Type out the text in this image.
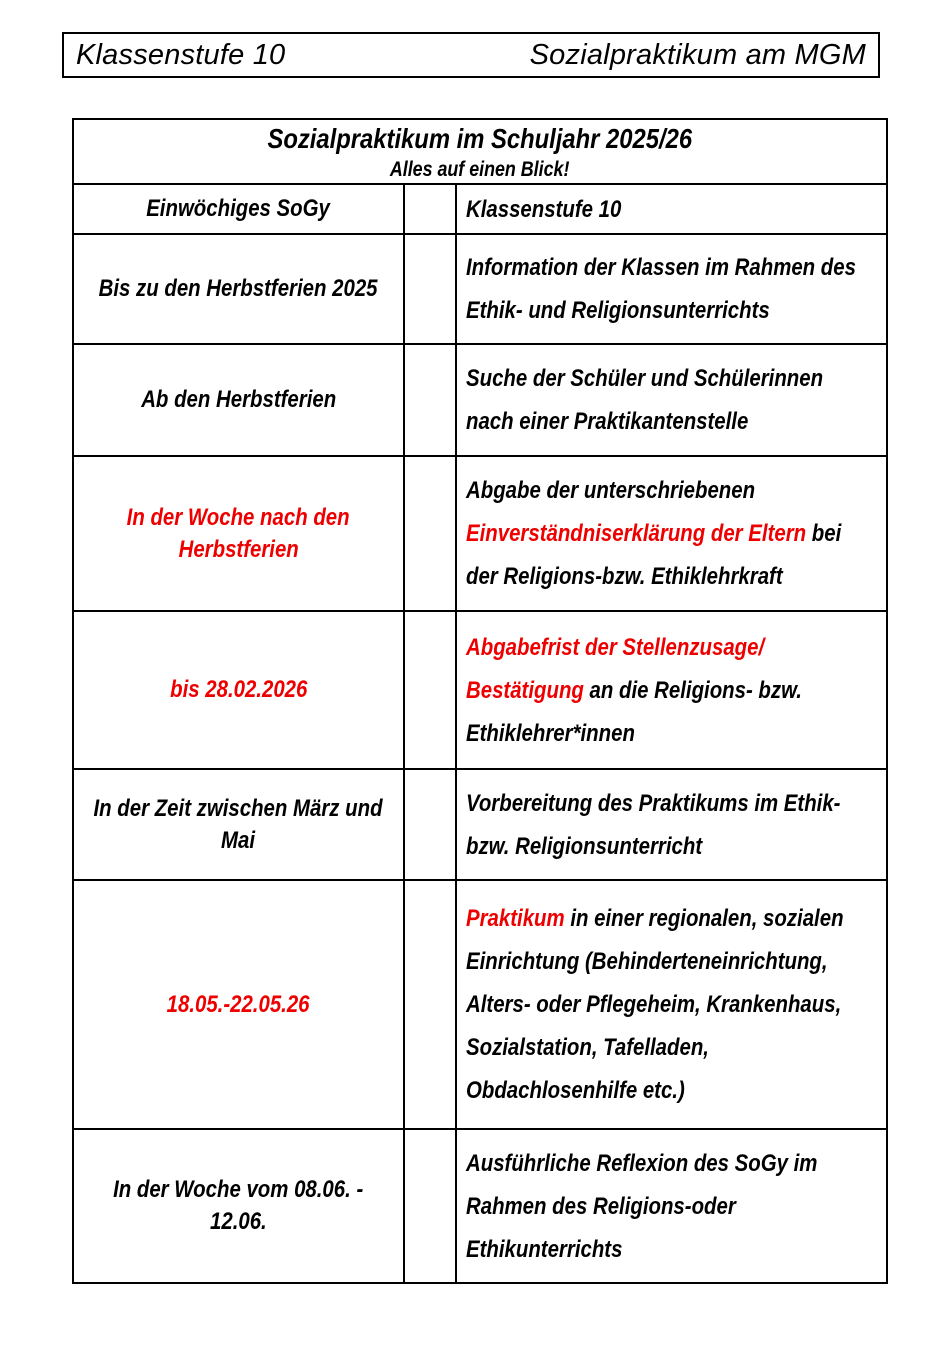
Klassenstufe 10	Sozialpraktikum am MGM
Sozialpraktikum im Schuljahr 2025/26
Alles auf einen Blick!
Einwöchiges SoGy	Klassenstufe 10
Bis zu den Herbstferien 2025
Information der Klassen im Rahmen des
Ethik- und Religionsunterrichts
Ab den Herbstferien
Suche der Schüler und Schülerinnen
nach einer Praktikantenstelle
In der Woche nach den
Herbstferien
Abgabe der unterschriebenen
Einverständniserklärung der Eltern bei
der Religions-bzw. Ethiklehrkraft
bis 28.02.2026
Abgabefrist der Stellenzusage/
Bestätigung an die Religions- bzw.
Ethiklehrer*innen
In der Zeit zwischen März und
Mai
Vorbereitung des Praktikums im Ethik-
bzw. Religionsunterricht
18.05.-22.05.26
Praktikum in einer regionalen, sozialen
Einrichtung (Behinderteneinrichtung,
Alters- oder Pflegeheim, Krankenhaus,
Sozialstation, Tafelladen,
Obdachlosenhilfe etc.)
In der Woche vom 08.06. -
12.06.
Ausführliche Reflexion des SoGy im
Rahmen des Religions-oder
Ethikunterrichts
